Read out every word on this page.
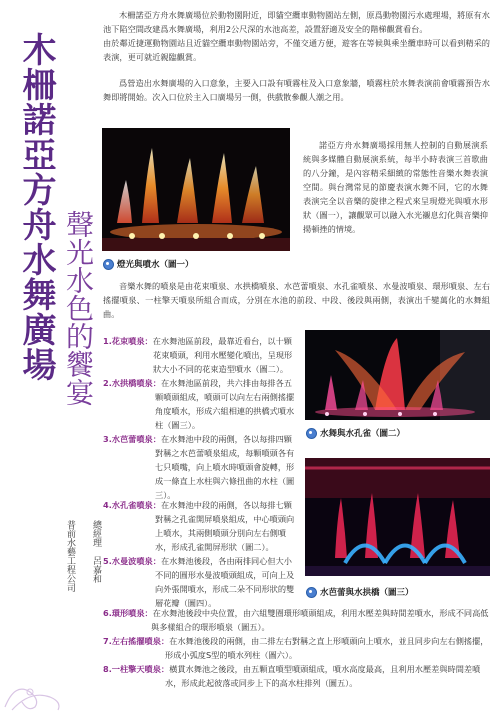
木柵諾亞方舟水舞廣場 聲光水色的饗宴
普前水藝工程公司 總經理　呂嘉和
木柵諾亞方舟水舞廣場位於動物園附近，即貓空纜車動物園站左側，原爲動物園污水處理場，將原有水池下陷空間改建爲水舞廣場，利用2公尺深的水池高差，設置舒適及安全的階梯觀賞看台。
由於鄰近捷運動物園站且近貓空纜車動物園站旁，不僅交通方便，遊客在等候與乘坐纜車時可以看到精采的表演，更可就近親臨觀賞。
爲營造出水舞廣場的入口意象，主要入口設有噴霧柱及入口意象牆，噴霧柱於水舞表演前會噴霧預告水舞即將開始。次入口位於主入口廣場另一側，供戲散參觀人潮之用。
燈光與噴水（圖一）
諾亞方舟水舞廣場採用無人控制的自動展演系統與多媒體自動展演系統，每半小時表演三首歌曲的八分鐘，是內容精采細緻的常態性音樂水舞表演空間。與台灣常見的節慶表演水舞不同，它的水舞表演完全以音樂的旋律之程式來呈現燈光與噴水形狀（圖一），讓觀眾可以融入水光襯息幻化與音樂抑揚頓挫的情境。
音樂水舞的噴泉是由花束噴泉、水拱橋噴泉、水芭蕾噴泉、水孔雀噴泉、水曼波噴泉、環形噴泉、左右搖擺噴泉、一柱擎天噴泉所組合而成，分別在水池的前段、中段、後段與兩側，表演出千變萬化的水舞組曲。
水舞與水孔雀（圖二）
水芭蕾與水拱橋（圖三）
1.花束噴泉：在水舞池區前段，最靠近看台，以十顆花束噴頭，利用水壓變化噴出，呈現形狀大小不同的花束造型噴水（圖二）。
2.水拱橋噴泉：在水舞池區前段，共六排由每排各五顆噴頭組成，噴頭可以向左右兩側搖擺角度噴水，形成六組相連的拱橋式噴水柱（圖三）。
3.水芭蕾噴泉：在水舞池中段的兩側，各以每排四顆對稱之水芭蕾噴泉組成，每顆噴頭各有七只噴嘴，向上噴水時噴頭會旋轉，形成一條直上水柱與六條扭曲的水柱（圖三）。
4.水孔雀噴泉：在水舞池中段的兩側，各以每排七顆對稱之孔雀開屏噴泉組成，中心噴頭向上噴水，其兩側噴頭分別向左右側噴水，形成孔雀開屏形狀（圖二）。
5.水曼波噴泉：在水舞池後段，各由兩排同心但大小不同的圓形水曼波噴頭組成，可向上及向外張開噴水，形成二朵不同形狀的雙層花瓣（圖四）。
6.環形噴泉：在水舞池後段中央位置，由六組雙圈環形噴頭組成，利用水壓差與時間差噴水，形成不同高低與多樣組合的環形噴泉（圖五）。
7.左右搖擺噴泉：在水舞池後段的兩側，由二排左右對稱之直上形噴頭向上噴水，並且同步向左右側搖擺，形成小弧度S型的噴水列柱（圖六）。
8.一柱擎天噴泉：橫貫水舞池之後段，由五顆直噴型噴頭組成，噴水高度最高，且利用水壓差與時間差噴水，形成此起彼落或同步上下的高水柱排列（圖五）。
